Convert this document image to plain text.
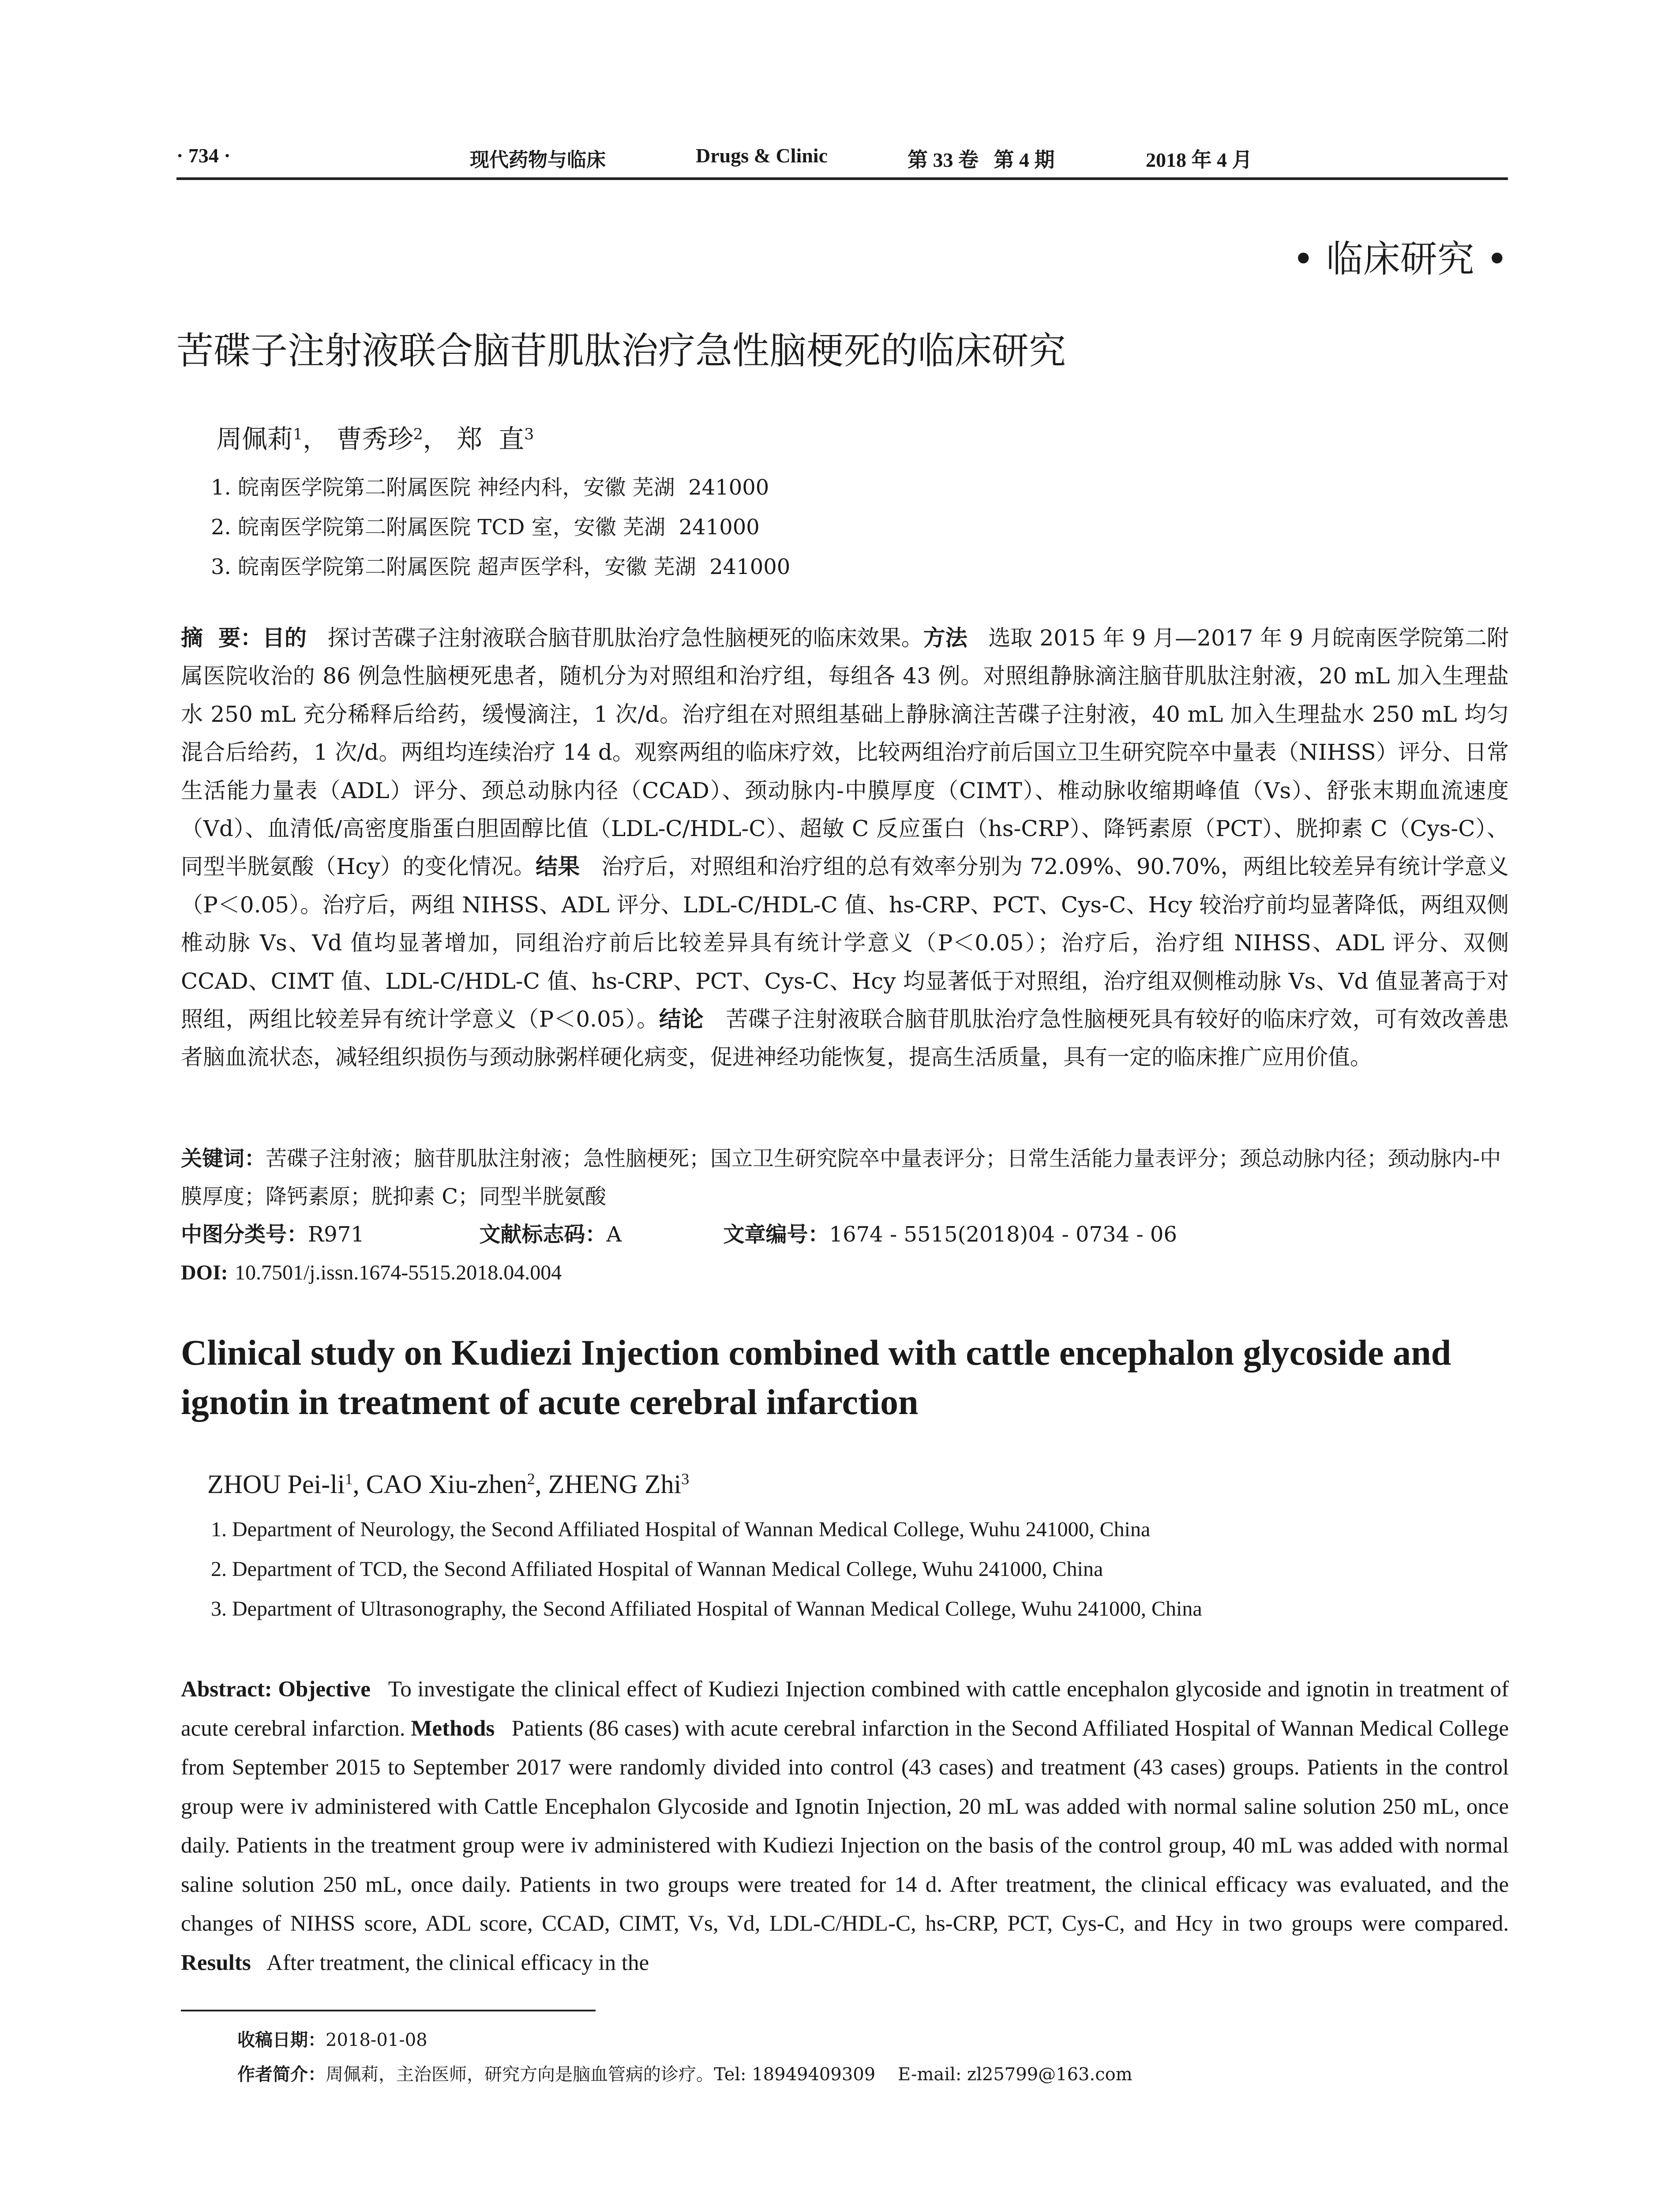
· 734 ·	现代药物与临床	Drugs & Clinic	第 33 卷   第 4 期	2018 年 4 月
• 临床研究 •
苦碟子注射液联合脑苷肌肽治疗急性脑梗死的临床研究
周佩莉$^1$， 曹秀珍$^2$， 郑  直$^3$
1. 皖南医学院第二附属医院 神经内科，安徽 芜湖  241000
2. 皖南医学院第二附属医院 TCD 室，安徽 芜湖  241000
3. 皖南医学院第二附属医院 超声医学科，安徽 芜湖  241000
摘  要：目的 探讨苦碟子注射液联合脑苷肌肽治疗急性脑梗死的临床效果。方法 选取 2015 年 9 月—2017 年 9 月皖南医学院第二附属医院收治的 86 例急性脑梗死患者，随机分为对照组和治疗组，每组各 43 例。对照组静脉滴注脑苷肌肽注射液，20 mL 加入生理盐水 250 mL 充分稀释后给药，缓慢滴注，1 次/d。治疗组在对照组基础上静脉滴注苦碟子注射液，40 mL 加入生理盐水 250 mL 均匀混合后给药，1 次/d。两组均连续治疗 14 d。观察两组的临床疗效，比较两组治疗前后国立卫生研究院卒中量表（NIHSS）评分、日常生活能力量表（ADL）评分、颈总动脉内径（CCAD）、颈动脉内-中膜厚度（CIMT）、椎动脉收缩期峰值（Vs）、舒张末期血流速度（Vd）、血清低/高密度脂蛋白胆固醇比值（LDL-C/HDL-C）、超敏 C 反应蛋白（hs-CRP）、降钙素原（PCT）、胱抑素 C（Cys-C）、同型半胱氨酸（Hcy）的变化情况。结果 治疗后，对照组和治疗组的总有效率分别为 72.09%、90.70%，两组比较差异有统计学意义（P＜0.05）。治疗后，两组 NIHSS、ADL 评分、LDL-C/HDL-C 值、hs-CRP、PCT、Cys-C、Hcy 较治疗前均显著降低，两组双侧椎动脉 Vs、Vd 值均显著增加，同组治疗前后比较差异具有统计学意义（P＜0.05）；治疗后，治疗组 NIHSS、ADL 评分、双侧 CCAD、CIMT 值、LDL-C/HDL-C 值、hs-CRP、PCT、Cys-C、Hcy 均显著低于对照组，治疗组双侧椎动脉 Vs、Vd 值显著高于对照组，两组比较差异有统计学意义（P＜0.05）。结论 苦碟子注射液联合脑苷肌肽治疗急性脑梗死具有较好的临床疗效，可有效改善患者脑血流状态，减轻组织损伤与颈动脉粥样硬化病变，促进神经功能恢复，提高生活质量，具有一定的临床推广应用价值。
关键词：苦碟子注射液；脑苷肌肽注射液；急性脑梗死；国立卫生研究院卒中量表评分；日常生活能力量表评分；颈总动脉内径；颈动脉内-中膜厚度；降钙素原；胱抑素 C；同型半胱氨酸
中图分类号：R971	文献标志码：A	文章编号：1674 - 5515(2018)04 - 0734 - 06
DOI: 10.7501/j.issn.1674-5515.2018.04.004
Clinical study on Kudiezi Injection combined with cattle encephalon glycoside and ignotin in treatment of acute cerebral infarction
ZHOU Pei-$li^1$, CAO Xiu-zhen$^2$, ZHENG Zhi$^3$
1. Department of Neurology, the Second Affiliated Hospital of Wannan Medical College, Wuhu 241000, China
2. Department of TCD, the Second Affiliated Hospital of Wannan Medical College, Wuhu 241000, China
3. Department of Ultrasonography, the Second Affiliated Hospital of Wannan Medical College, Wuhu 241000, China
Abstract: Objective To investigate the clinical effect of Kudiezi Injection combined with cattle encephalon glycoside and ignotin in treatment of acute cerebral infarction. Methods Patients (86 cases) with acute cerebral infarction in the Second Affiliated Hospital of Wannan Medical College from September 2015 to September 2017 were randomly divided into control (43 cases) and treatment (43 cases) groups. Patients in the control group were iv administered with Cattle Encephalon Glycoside and Ignotin Injection, 20 mL was added with normal saline solution 250 mL, once daily. Patients in the treatment group were iv administered with Kudiezi Injection on the basis of the control group, 40 mL was added with normal saline solution 250 mL, once daily. Patients in two groups were treated for 14 d. After treatment, the clinical efficacy was evaluated, and the changes of NIHSS score, ADL score, CCAD, CIMT, Vs, Vd, LDL-C/HDL-C, hs-CRP, PCT, Cys-C, and Hcy in two groups were compared. Results After treatment, the clinical efficacy in the
收稿日期：2018-01-08
作者简介：周佩莉，主治医师，研究方向是脑血管病的诊疗。Tel: 18949409309    E-mail: zl25799@163.com
